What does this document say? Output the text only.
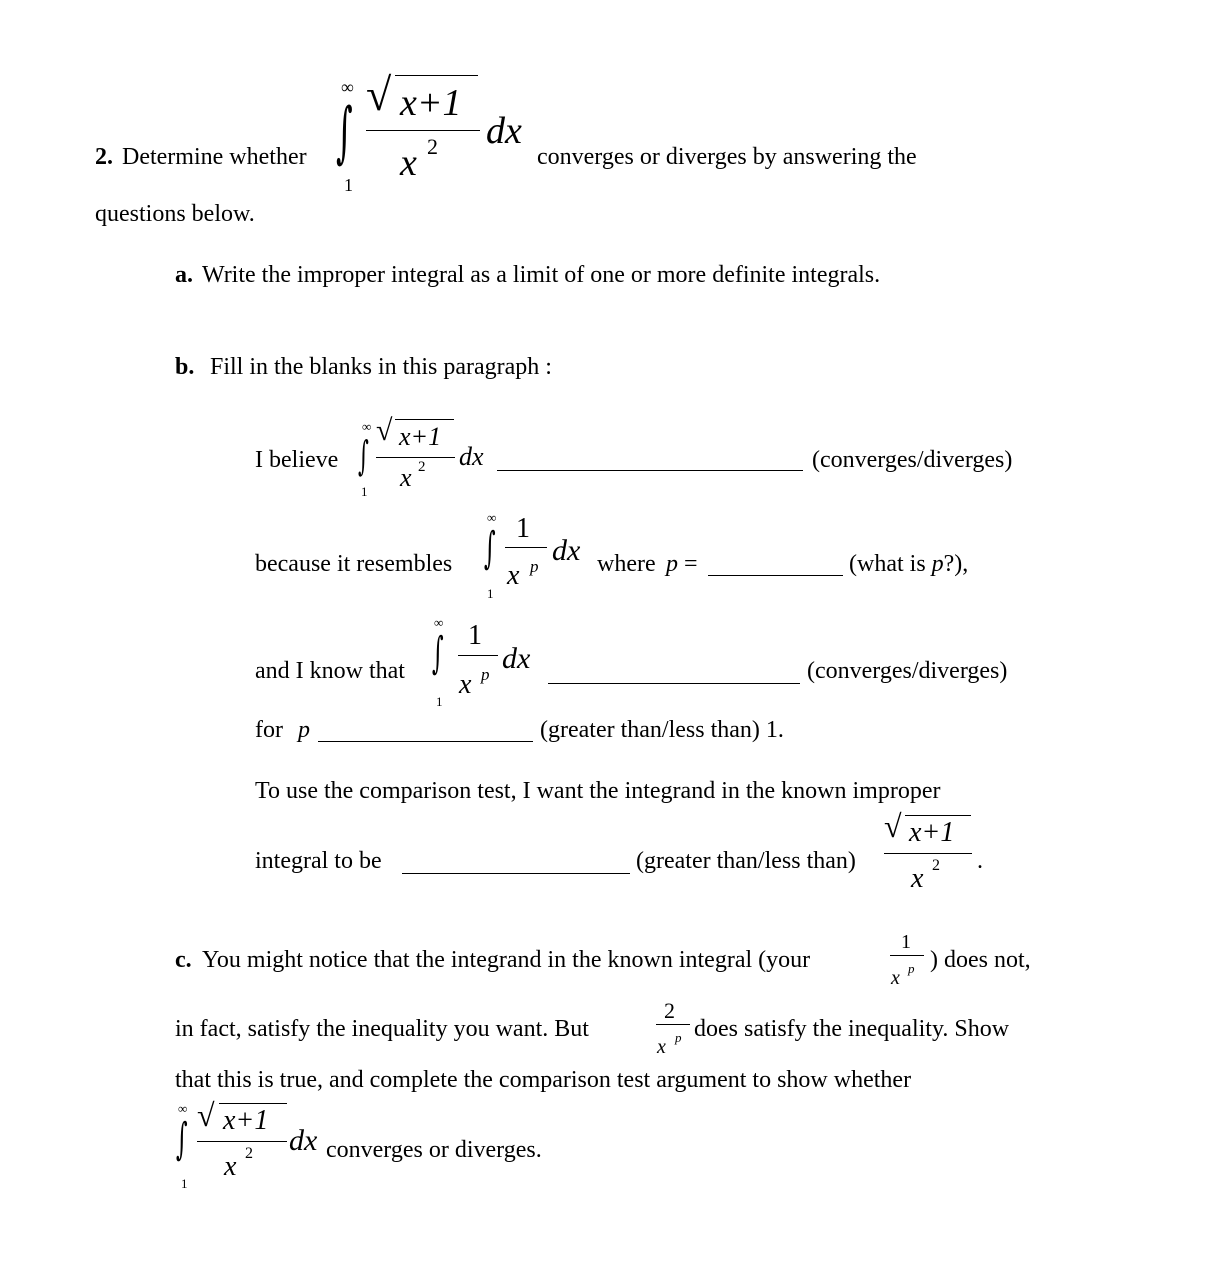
2. Determine whether
∞
∫
1
√ x+1
x 2 dx
converges or diverges by answering the
questions below.
a. Write the improper integral as a limit of one or more definite integrals.
b. Fill in the blanks in this paragraph :
I believe
∞
∫
1
√ x+1
x 2 dx	(converges/diverges)
because it resembles
∞
∫
1
1
x p dx where p =	(what is p?),
and I know that
∞
∫
1
1
x p dx	(converges/diverges)
for p	(greater than/less than) 1.
To use the comparison test, I want the integrand in the known improper
integral to be	(greater than/less than)
√ x+1
x 2 .
c. You might notice that the integrand in the known integral (your
1
x p ) does not,
in fact, satisfy the inequality you want. But
2
x p does satisfy the inequality. Show
that this is true, and complete the comparison test argument to show whether
∞
∫
1
√ x+1
x 2 dx converges or diverges.
